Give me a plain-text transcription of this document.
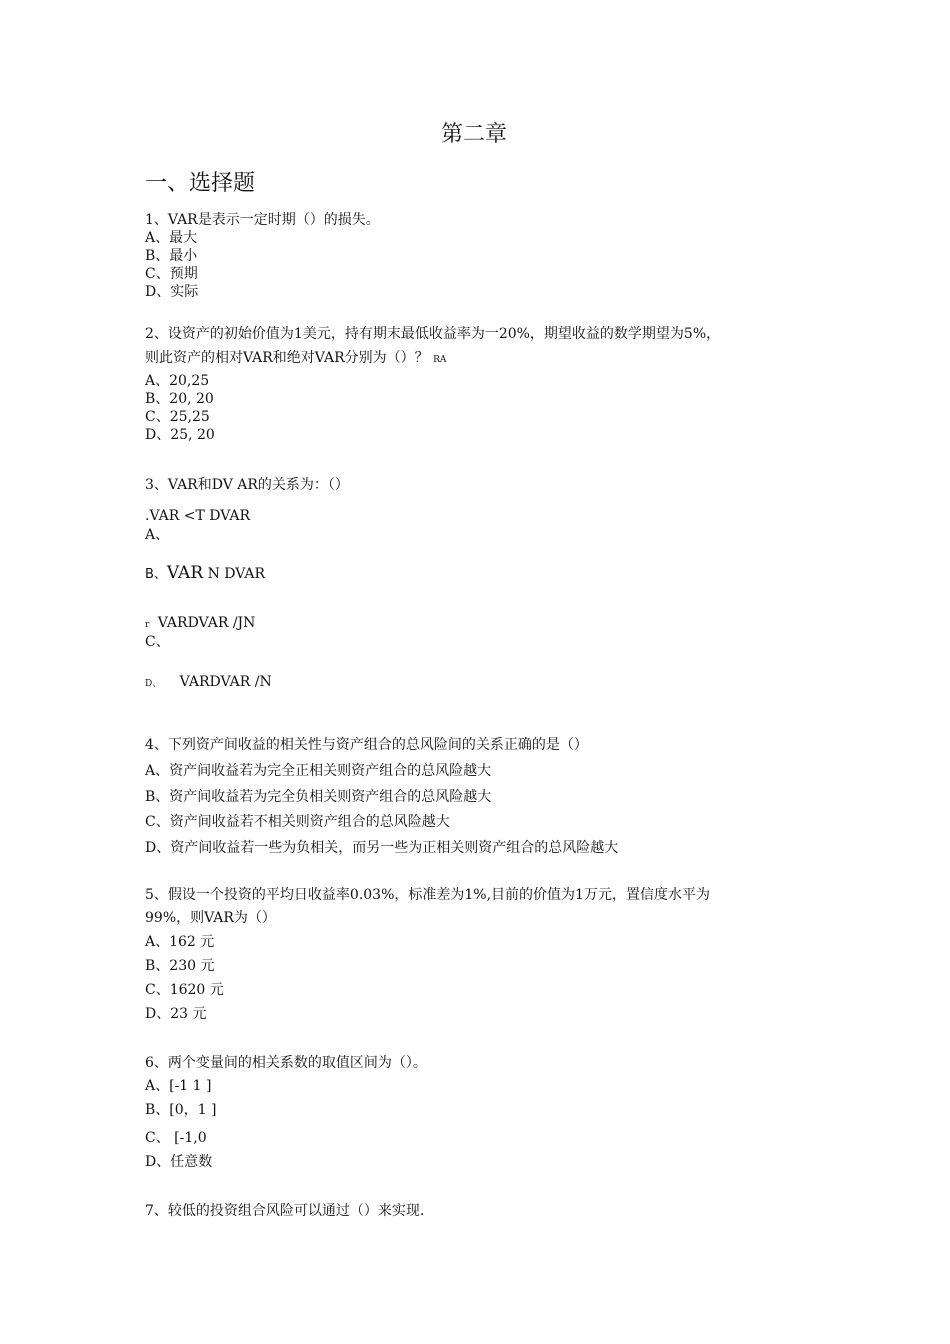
第二章
一、选择题
1、VAR是表示一定时期（）的损失。
A、最大
B、最小
C、预期
D、实际
2、设资产的初始价值为1美元，持有期末最低收益率为一20%，期望收益的数学期望为5%，
则此资产的相对VAR和绝对VAR分别为（）？ RA
A、20,25
B、20, 20
C、25,25
D、25, 20
3、VAR和DV AR的关系为：（）
.VAR <T DVAR
A、
B、VAR N DVAR
r VARDVAR /JN
C、
D、 VARDVAR /N
4、下列资产间收益的相关性与资产组合的总风险间的关系正确的是（）
A、资产间收益若为完全正相关则资产组合的总风险越大
B、资产间收益若为完全负相关则资产组合的总风险越大
C、资产间收益若不相关则资产组合的总风险越大
D、资产间收益若一些为负相关，而另一些为正相关则资产组合的总风险越大
5、假设一个投资的平均日收益率0.03%，标准差为1%,目前的价值为1万元，置信度水平为
99%，则VAR为（）
A、162 元
B、230 元
C、1620 元
D、23 元
6、两个变量间的相关系数的取值区间为（）。
A、[-1 1 ]
B、[0，1 ]
C、 [-1,0
D、任意数
7、较低的投资组合风险可以通过（）来实现.
